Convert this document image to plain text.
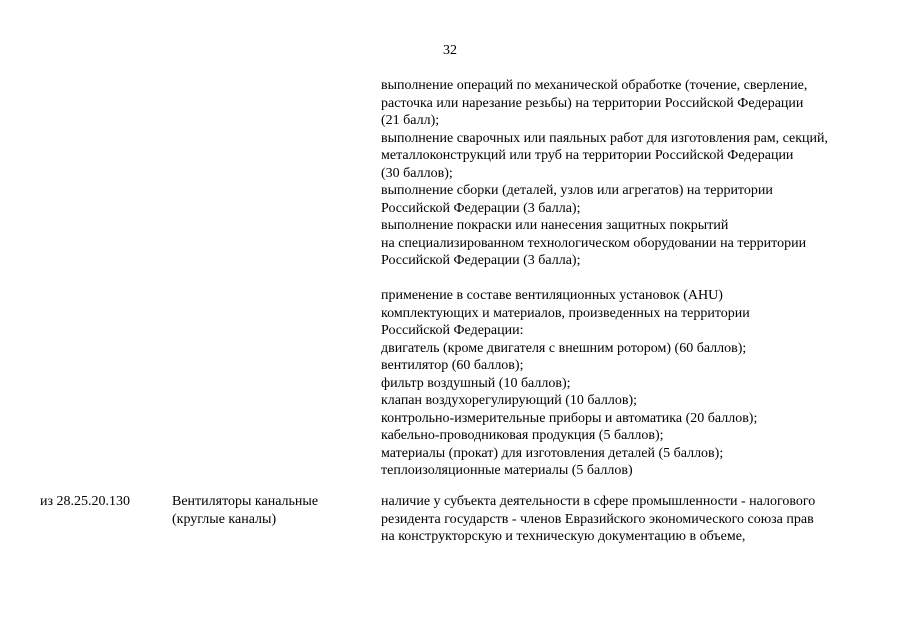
32
выполнение операций по механической обработке (точение, сверление,
расточка или нарезание резьбы) на территории Российской Федерации
(21 балл);
выполнение сварочных или паяльных работ для изготовления рам, секций,
металлоконструкций или труб на территории Российской Федерации
(30 баллов);
выполнение сборки (деталей, узлов или агрегатов) на территории
Российской Федерации (3 балла);
выполнение покраски или нанесения защитных покрытий
на специализированном технологическом оборудовании на территории
Российской Федерации (3 балла);
применение в составе вентиляционных установок (AHU)
комплектующих и материалов, произведенных на территории
Российской Федерации:
двигатель (кроме двигателя с внешним ротором) (60 баллов);
вентилятор (60 баллов);
фильтр воздушный (10 баллов);
клапан воздухорегулирующий (10 баллов);
контрольно-измерительные приборы и автоматика (20 баллов);
кабельно-проводниковая продукция (5 баллов);
материалы (прокат) для изготовления деталей (5 баллов);
теплоизоляционные материалы (5 баллов)
из 28.25.20.130	Вентиляторы канальные
(круглые каналы)
наличие у субъекта деятельности в сфере промышленности - налогового
резидента государств - членов Евразийского экономического союза прав
на конструкторскую и техническую документацию в объеме,
